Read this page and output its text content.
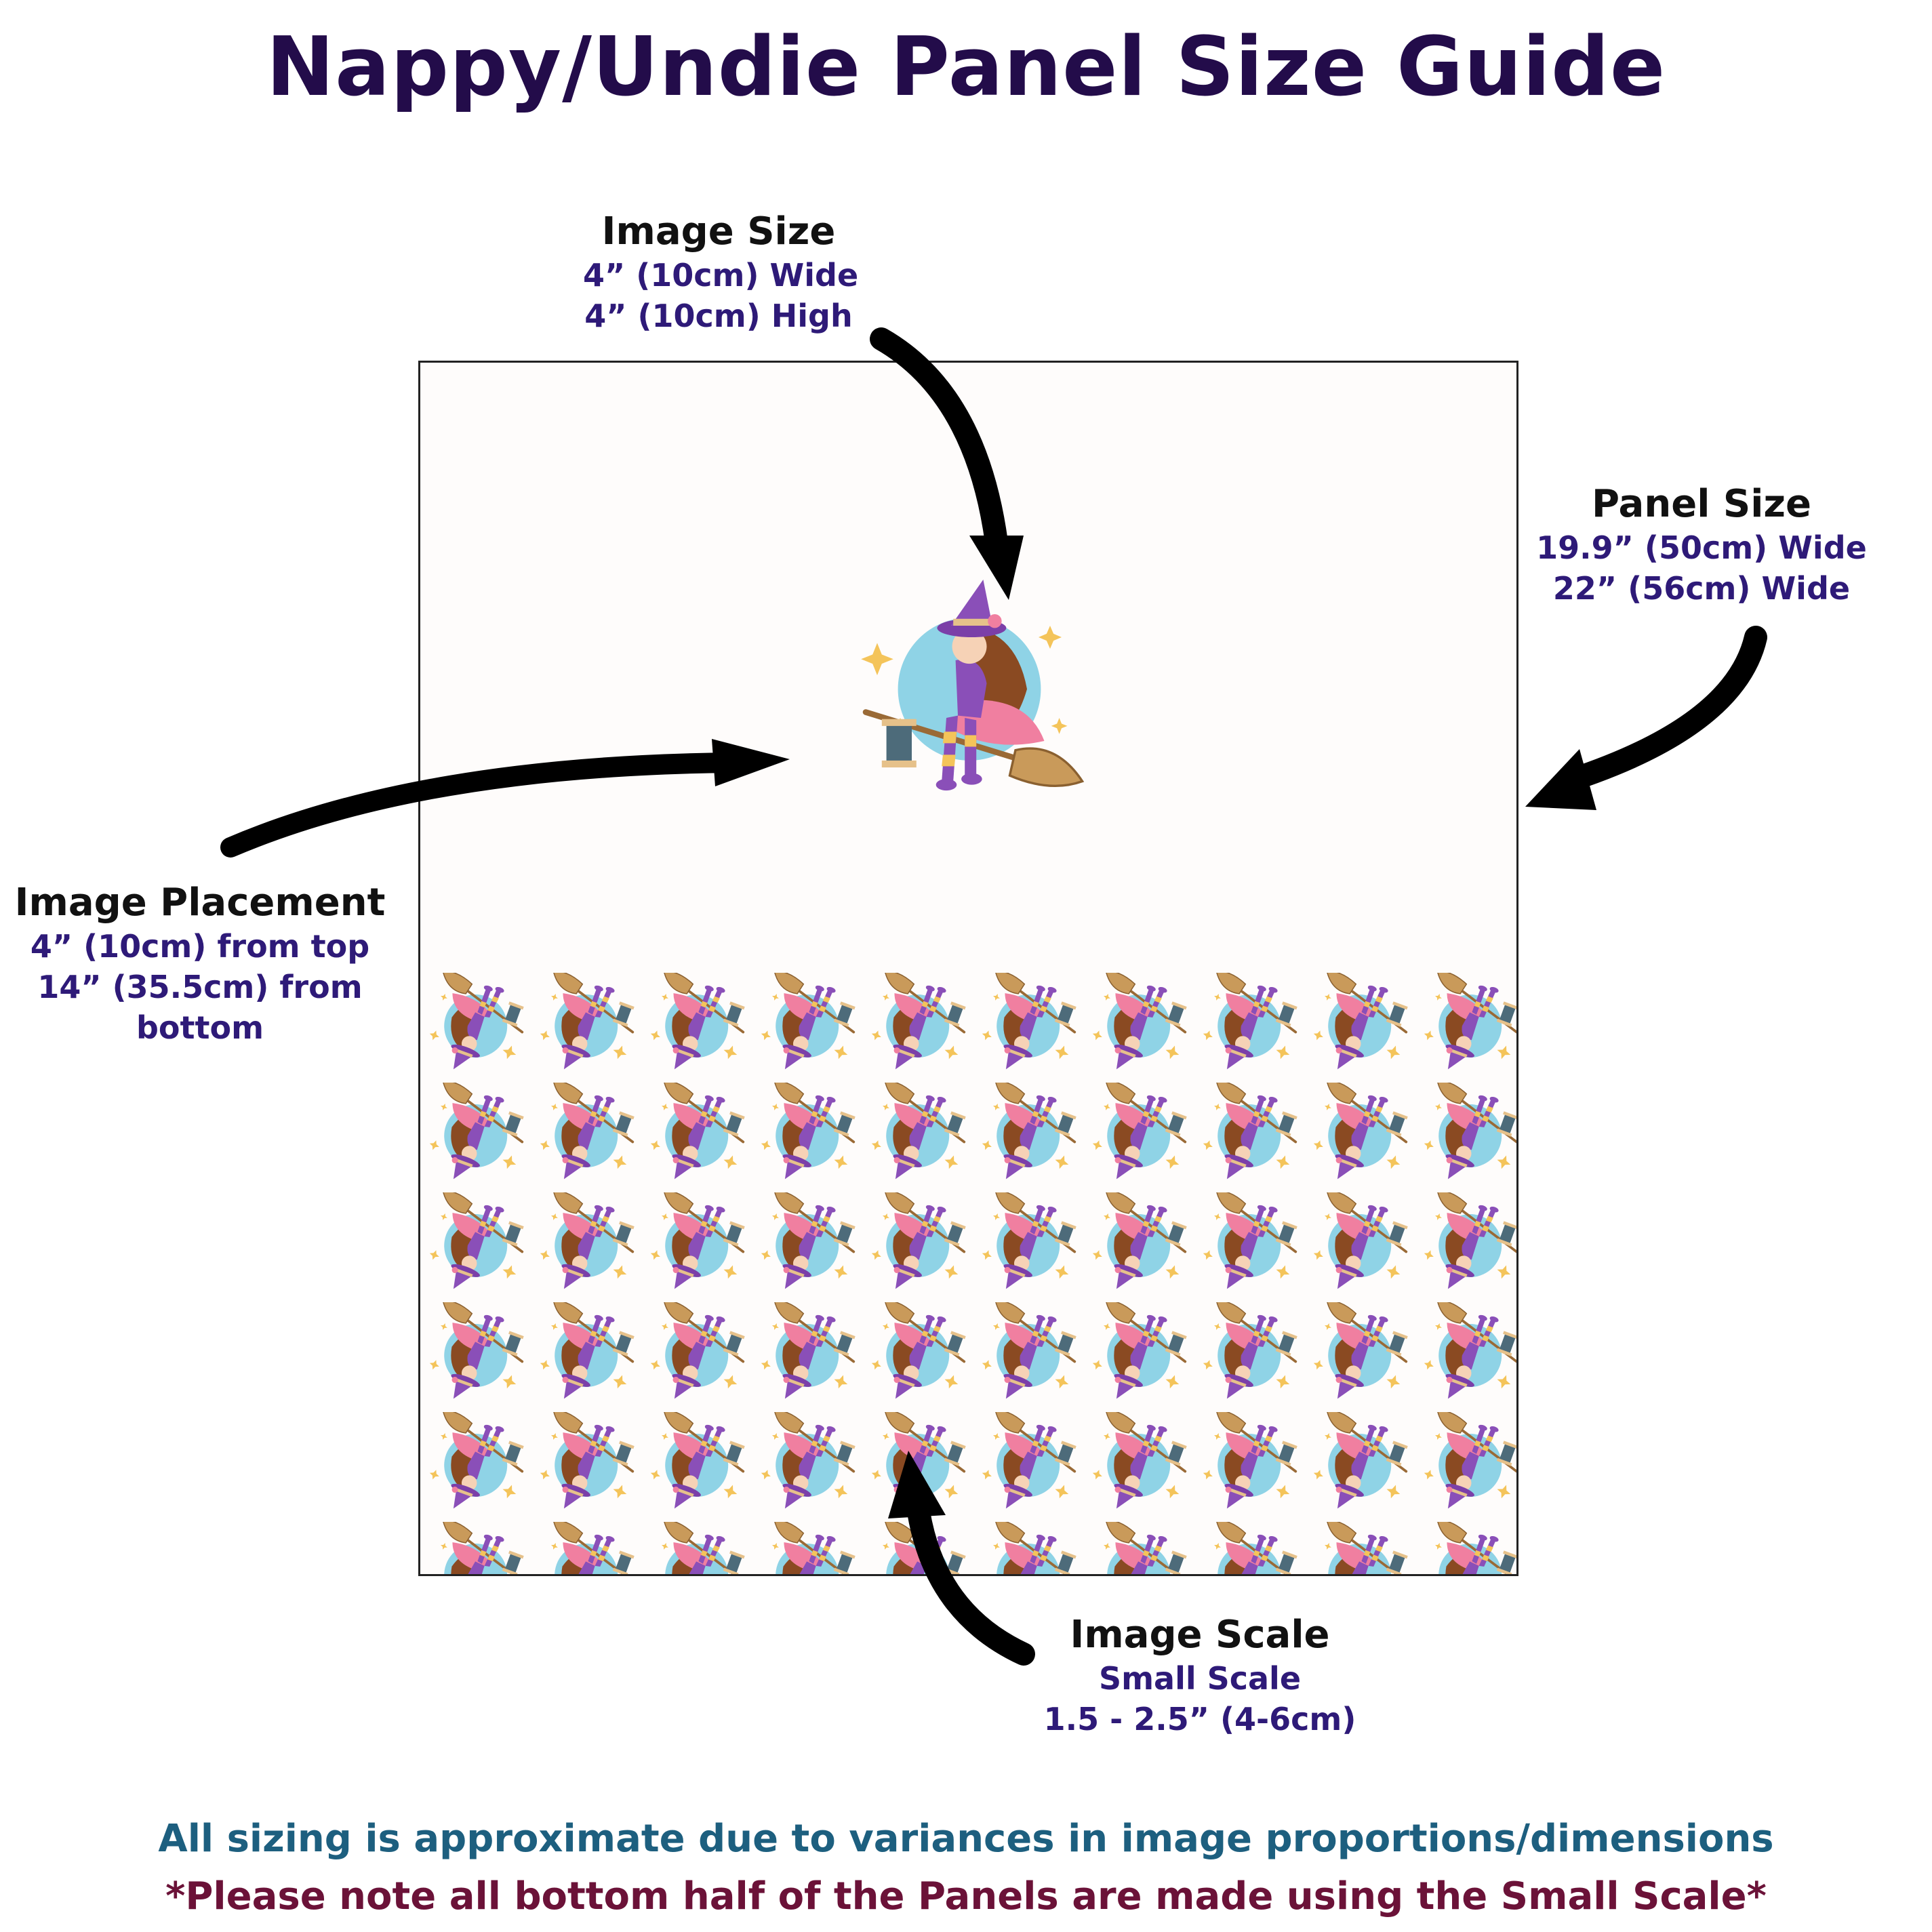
Nappy/Undie Panel Size Guide
Image Size
4” (10cm) Wide
4” (10cm) High
Panel Size
19.9” (50cm) Wide
22” (56cm) Wide
Image Placement
4” (10cm) from top
14” (35.5cm) from
bottom
Image Scale
Small Scale
1.5 - 2.5” (4-6cm)
All sizing is approximate due to variances in image proportions/dimensions
*Please note all bottom half of the Panels are made using the Small Scale*
